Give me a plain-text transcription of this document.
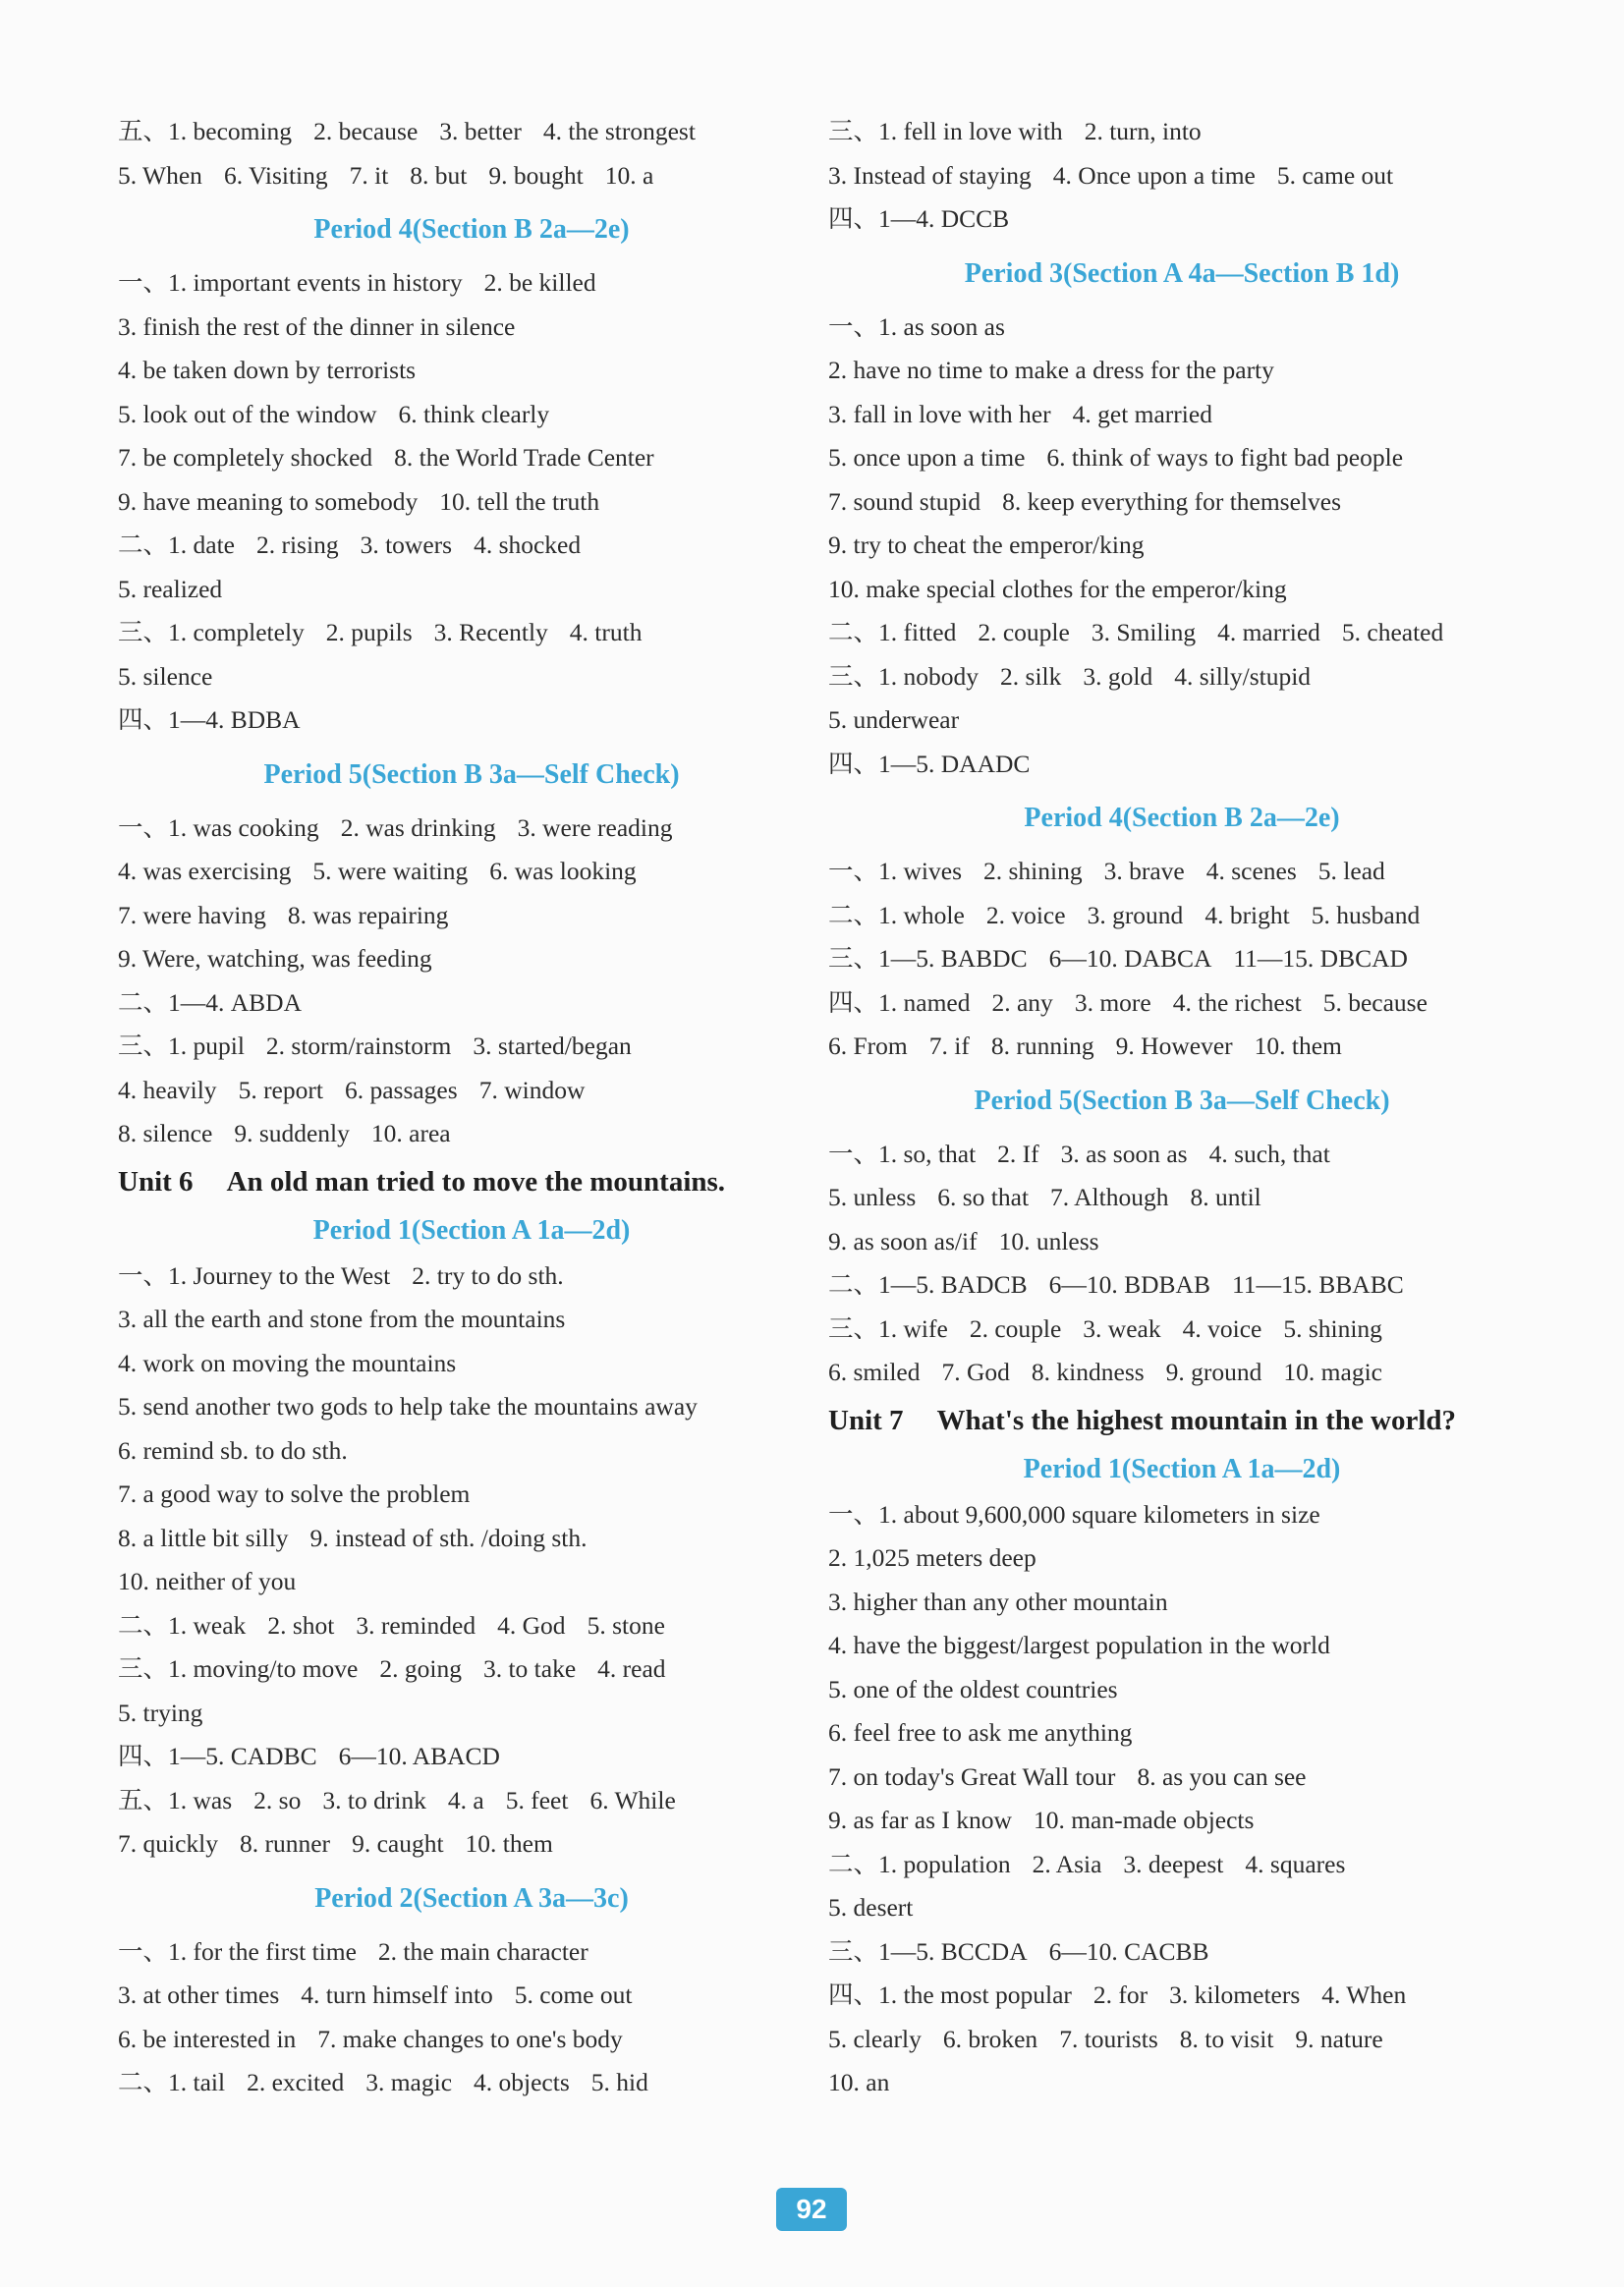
五、1. becoming 2. because 3. better 4. the strongest
5. When 6. Visiting 7. it 8. but 9. bought 10. a
Period 4(Section B 2a—2e)
一、1. important events in history 2. be killed
3. finish the rest of the dinner in silence
4. be taken down by terrorists
5. look out of the window 6. think clearly
7. be completely shocked 8. the World Trade Center
9. have meaning to somebody 10. tell the truth
二、1. date 2. rising 3. towers 4. shocked
5. realized
三、1. completely 2. pupils 3. Recently 4. truth
5. silence
四、1—4. BDBA
Period 5(Section B 3a—Self Check)
一、1. was cooking 2. was drinking 3. were reading
4. was exercising 5. were waiting 6. was looking
7. were having 8. was repairing
9. Were, watching, was feeding
二、1—4. ABDA
三、1. pupil 2. storm/rainstorm 3. started/began
4. heavily 5. report 6. passages 7. window
8. silence 9. suddenly 10. area
Unit 6 An old man tried to move the mountains.
Period 1(Section A 1a—2d)
一、1. Journey to the West 2. try to do sth.
3. all the earth and stone from the mountains
4. work on moving the mountains
5. send another two gods to help take the mountains away
6. remind sb. to do sth.
7. a good way to solve the problem
8. a little bit silly 9. instead of sth. /doing sth.
10. neither of you
二、1. weak 2. shot 3. reminded 4. God 5. stone
三、1. moving/to move 2. going 3. to take 4. read
5. trying
四、1—5. CADBC 6—10. ABACD
五、1. was 2. so 3. to drink 4. a 5. feet 6. While
7. quickly 8. runner 9. caught 10. them
Period 2(Section A 3a—3c)
一、1. for the first time 2. the main character
3. at other times 4. turn himself into 5. come out
6. be interested in 7. make changes to one's body
二、1. tail 2. excited 3. magic 4. objects 5. hid
三、1. fell in love with 2. turn, into
3. Instead of staying 4. Once upon a time 5. came out
四、1—4. DCCB
Period 3(Section A 4a—Section B 1d)
一、1. as soon as
2. have no time to make a dress for the party
3. fall in love with her 4. get married
5. once upon a time 6. think of ways to fight bad people
7. sound stupid 8. keep everything for themselves
9. try to cheat the emperor/king
10. make special clothes for the emperor/king
二、1. fitted 2. couple 3. Smiling 4. married 5. cheated
三、1. nobody 2. silk 3. gold 4. silly/stupid
5. underwear
四、1—5. DAADC
Period 4(Section B 2a—2e)
一、1. wives 2. shining 3. brave 4. scenes 5. lead
二、1. whole 2. voice 3. ground 4. bright 5. husband
三、1—5. BABDC 6—10. DABCA 11—15. DBCAD
四、1. named 2. any 3. more 4. the richest 5. because
6. From 7. if 8. running 9. However 10. them
Period 5(Section B 3a—Self Check)
一、1. so, that 2. If 3. as soon as 4. such, that
5. unless 6. so that 7. Although 8. until
9. as soon as/if 10. unless
二、1—5. BADCB 6—10. BDBAB 11—15. BBABC
三、1. wife 2. couple 3. weak 4. voice 5. shining
6. smiled 7. God 8. kindness 9. ground 10. magic
Unit 7 What's the highest mountain in the world?
Period 1(Section A 1a—2d)
一、1. about 9,600,000 square kilometers in size
2. 1,025 meters deep
3. higher than any other mountain
4. have the biggest/largest population in the world
5. one of the oldest countries
6. feel free to ask me anything
7. on today's Great Wall tour 8. as you can see
9. as far as I know 10. man-made objects
二、1. population 2. Asia 3. deepest 4. squares
5. desert
三、1—5. BCCDA 6—10. CACBB
四、1. the most popular 2. for 3. kilometers 4. When
5. clearly 6. broken 7. tourists 8. to visit 9. nature
10. an
92
